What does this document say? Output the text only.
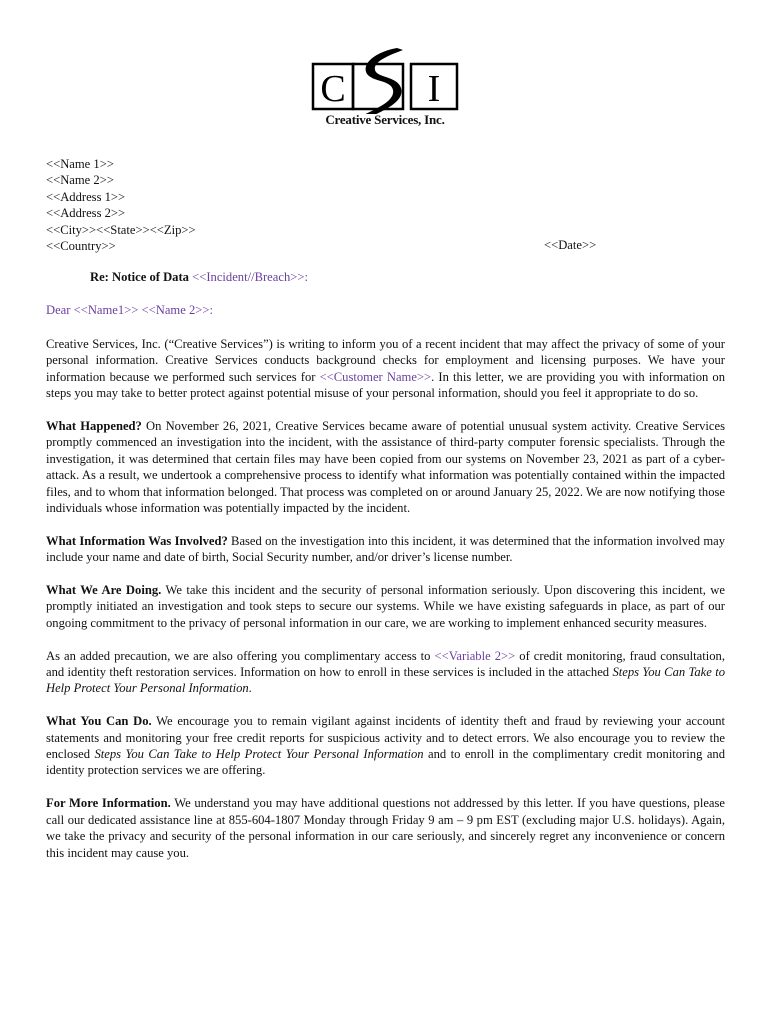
C I
Creative Services, Inc.
<<Name 1>>
<<Name 2>>
<<Address 1>>
<<Address 2>>
<<City>><<State>><<Zip>>
<<Country>>	<<Date>>
Re: Notice of Data <<Incident//Breach>>:
Dear <<Name1>> <<Name 2>>:

Creative Services, Inc. (“Creative Services”) is writing to inform you of a recent incident that may affect the privacy of some of your personal information. Creative Services conducts background checks for employment and licensing purposes. We have your information because we performed such services for <<Customer Name>>. In this letter, we are providing you with information on steps you may take to better protect against potential misuse of your personal information, should you feel it appropriate to do so.

What Happened? On November 26, 2021, Creative Services became aware of potential unusual system activity. Creative Services promptly commenced an investigation into the incident, with the assistance of third-party computer forensic specialists. Through the investigation, it was determined that certain files may have been copied from our systems on November 23, 2021 as part of a cyber-attack. As a result, we undertook a comprehensive process to identify what information was potentially contained within the impacted files, and to whom that information belonged. That process was completed on or around January 25, 2022. We are now notifying those individuals whose information was potentially impacted by the incident.

What Information Was Involved? Based on the investigation into this incident, it was determined that the information involved may include your name and date of birth, Social Security number, and/or driver’s license number.

What We Are Doing. We take this incident and the security of personal information seriously. Upon discovering this incident, we promptly initiated an investigation and took steps to secure our systems. While we have existing safeguards in place, as part of our ongoing commitment to the privacy of personal information in our care, we are working to implement enhanced security measures.

As an added precaution, we are also offering you complimentary access to <<Variable 2>> of credit monitoring, fraud consultation, and identity theft restoration services. Information on how to enroll in these services is included in the attached Steps You Can Take to Help Protect Your Personal Information.

What You Can Do. We encourage you to remain vigilant against incidents of identity theft and fraud by reviewing your account statements and monitoring your free credit reports for suspicious activity and to detect errors. We also encourage you to review the enclosed Steps You Can Take to Help Protect Your Personal Information and to enroll in the complimentary credit monitoring and identity protection services we are offering.

For More Information. We understand you may have additional questions not addressed by this letter. If you have questions, please call our dedicated assistance line at 855-604-1807 Monday through Friday 9 am – 9 pm EST (excluding major U.S. holidays). Again, we take the privacy and security of the personal information in our care seriously, and sincerely regret any inconvenience or concern this incident may cause you.
